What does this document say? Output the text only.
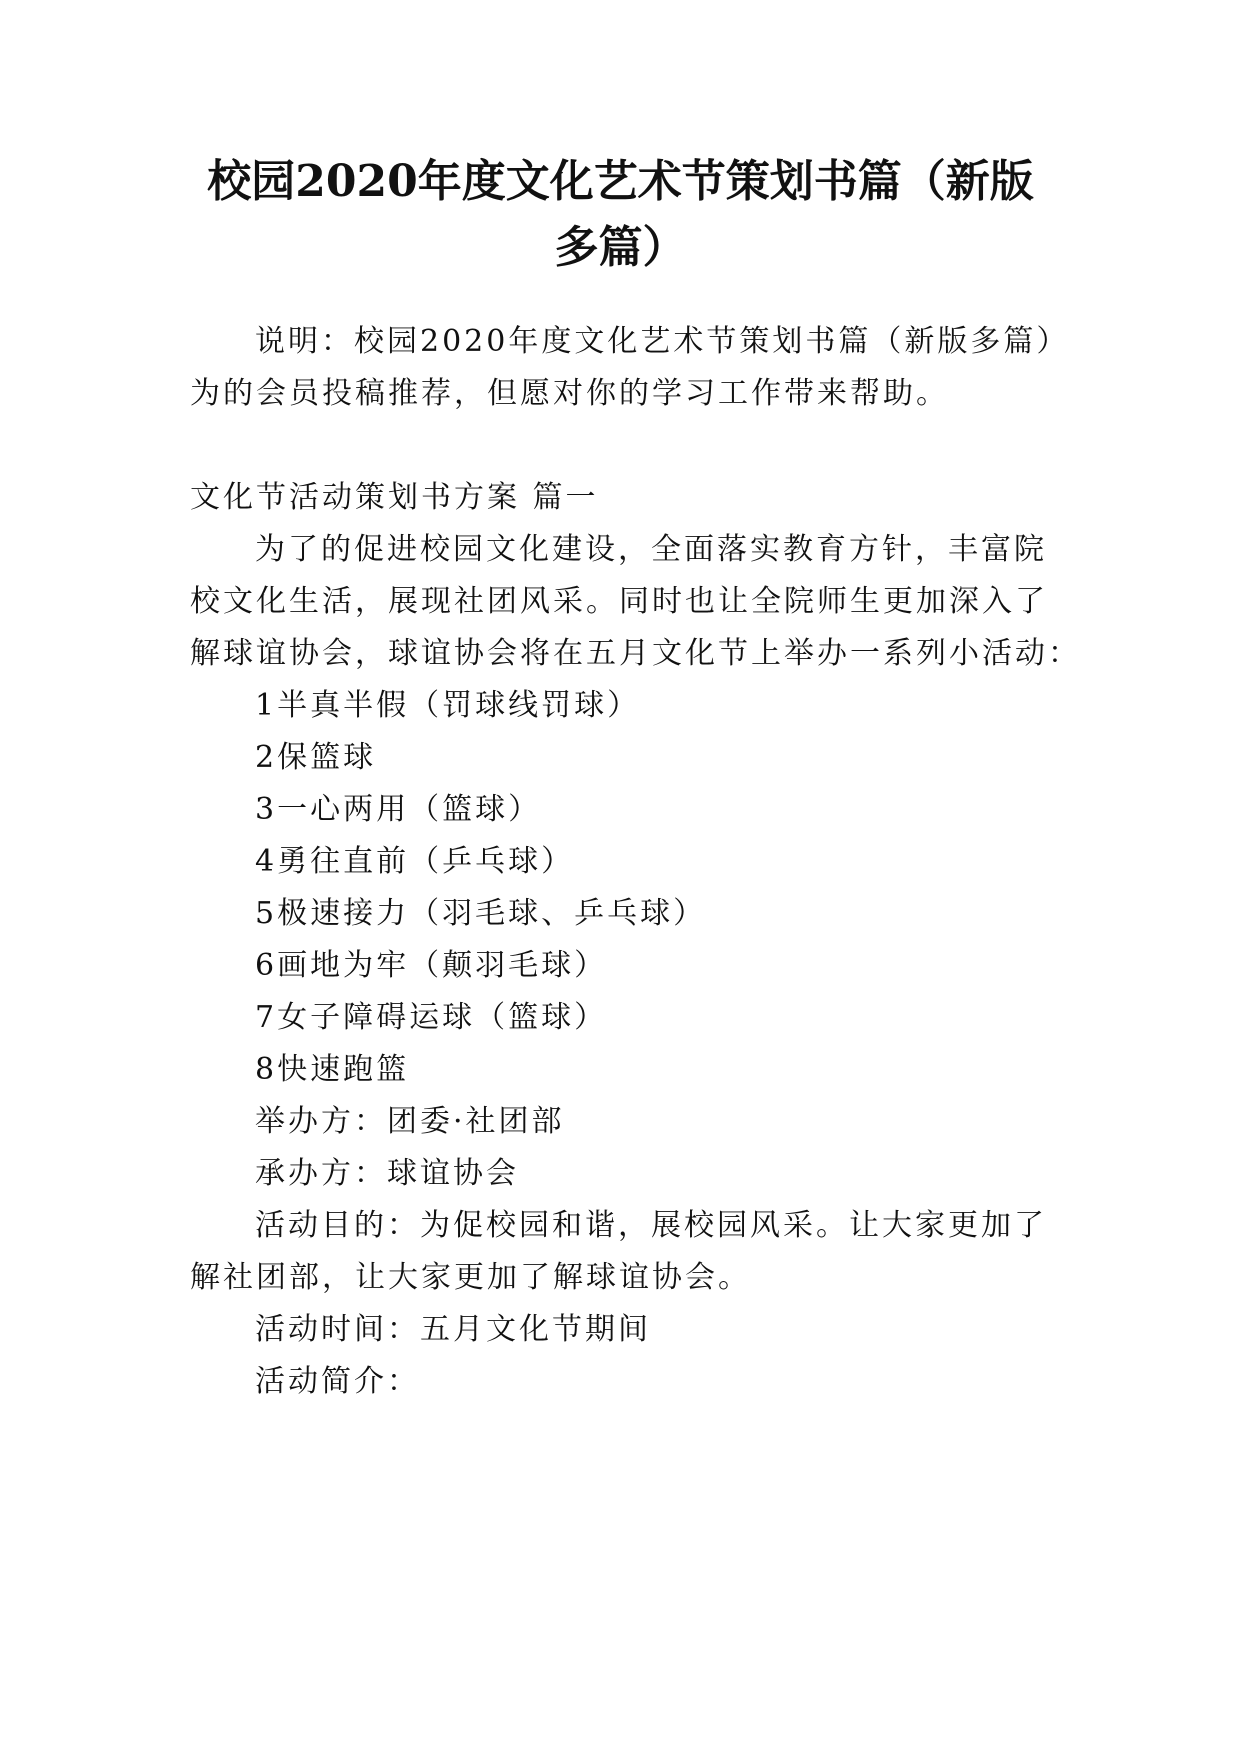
校园2020年度文化艺术节策划书篇（新版
多篇）
说明：校园2020年度文化艺术节策划书篇（新版多篇）
为的会员投稿推荐，但愿对你的学习工作带来帮助。
文化节活动策划书方案 篇一
为了的促进校园文化建设，全面落实教育方针，丰富院
校文化生活，展现社团风采。同时也让全院师生更加深入了
解球谊协会，球谊协会将在五月文化节上举办一系列小活动：
1半真半假（罚球线罚球）
2保篮球
3一心两用（篮球）
4勇往直前（乒乓球）
5极速接力（羽毛球、乒乓球）
6画地为牢（颠羽毛球）
7女子障碍运球（篮球）
8快速跑篮
举办方：团委·社团部
承办方：球谊协会
活动目的：为促校园和谐，展校园风采。让大家更加了
解社团部，让大家更加了解球谊协会。
活动时间：五月文化节期间
活动简介：
